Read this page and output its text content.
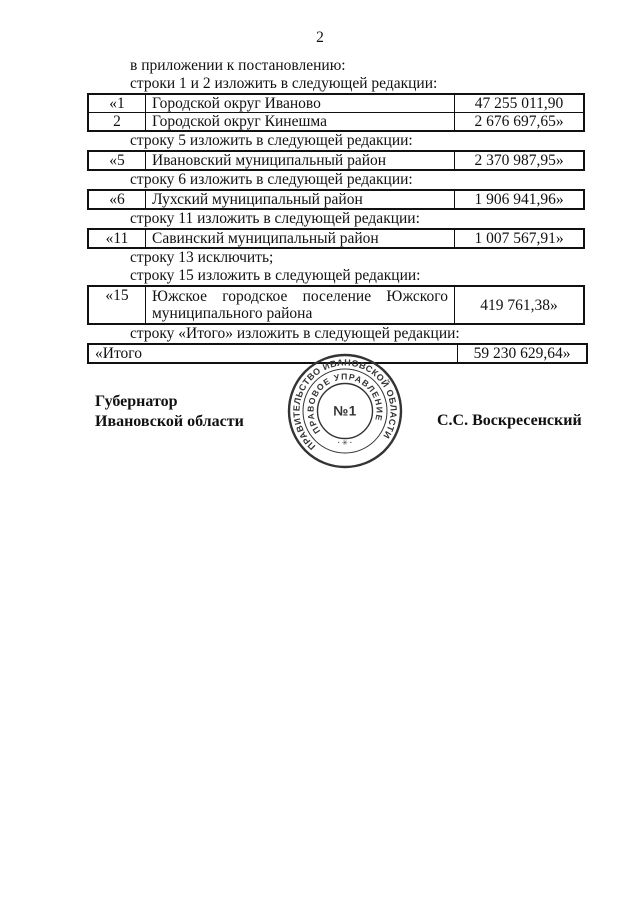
2
в приложении к постановлению:
строки 1 и 2 изложить в следующей редакции:
«1	Городской округ Иваново	47 255 011,90
2	Городской округ Кинешма	2 676 697,65»
строку 5 изложить в следующей редакции:
«5	Ивановский муниципальный район	2 370 987,95»
строку 6 изложить в следующей редакции:
«6	Лухский муниципальный район	1 906 941,96»
строку 11 изложить в следующей редакции:
«11	Савинский муниципальный район	1 007 567,91»
строку 13 исключить;
строку 15 изложить в следующей редакции:
«15	Южское городское поселение Южского муниципального района	419 761,38»
строку «Итого» изложить в следующей редакции:
«Итого	59 230 629,64»
Губернатор
Ивановской области
ПРАВИТЕЛЬСТВО ИВАНОВСКОЙ ОБЛАСТИ
ПРАВОВОЕ УПРАВЛЕНИЕ
№1
· ✳ ·
С.С. Воскресенский
